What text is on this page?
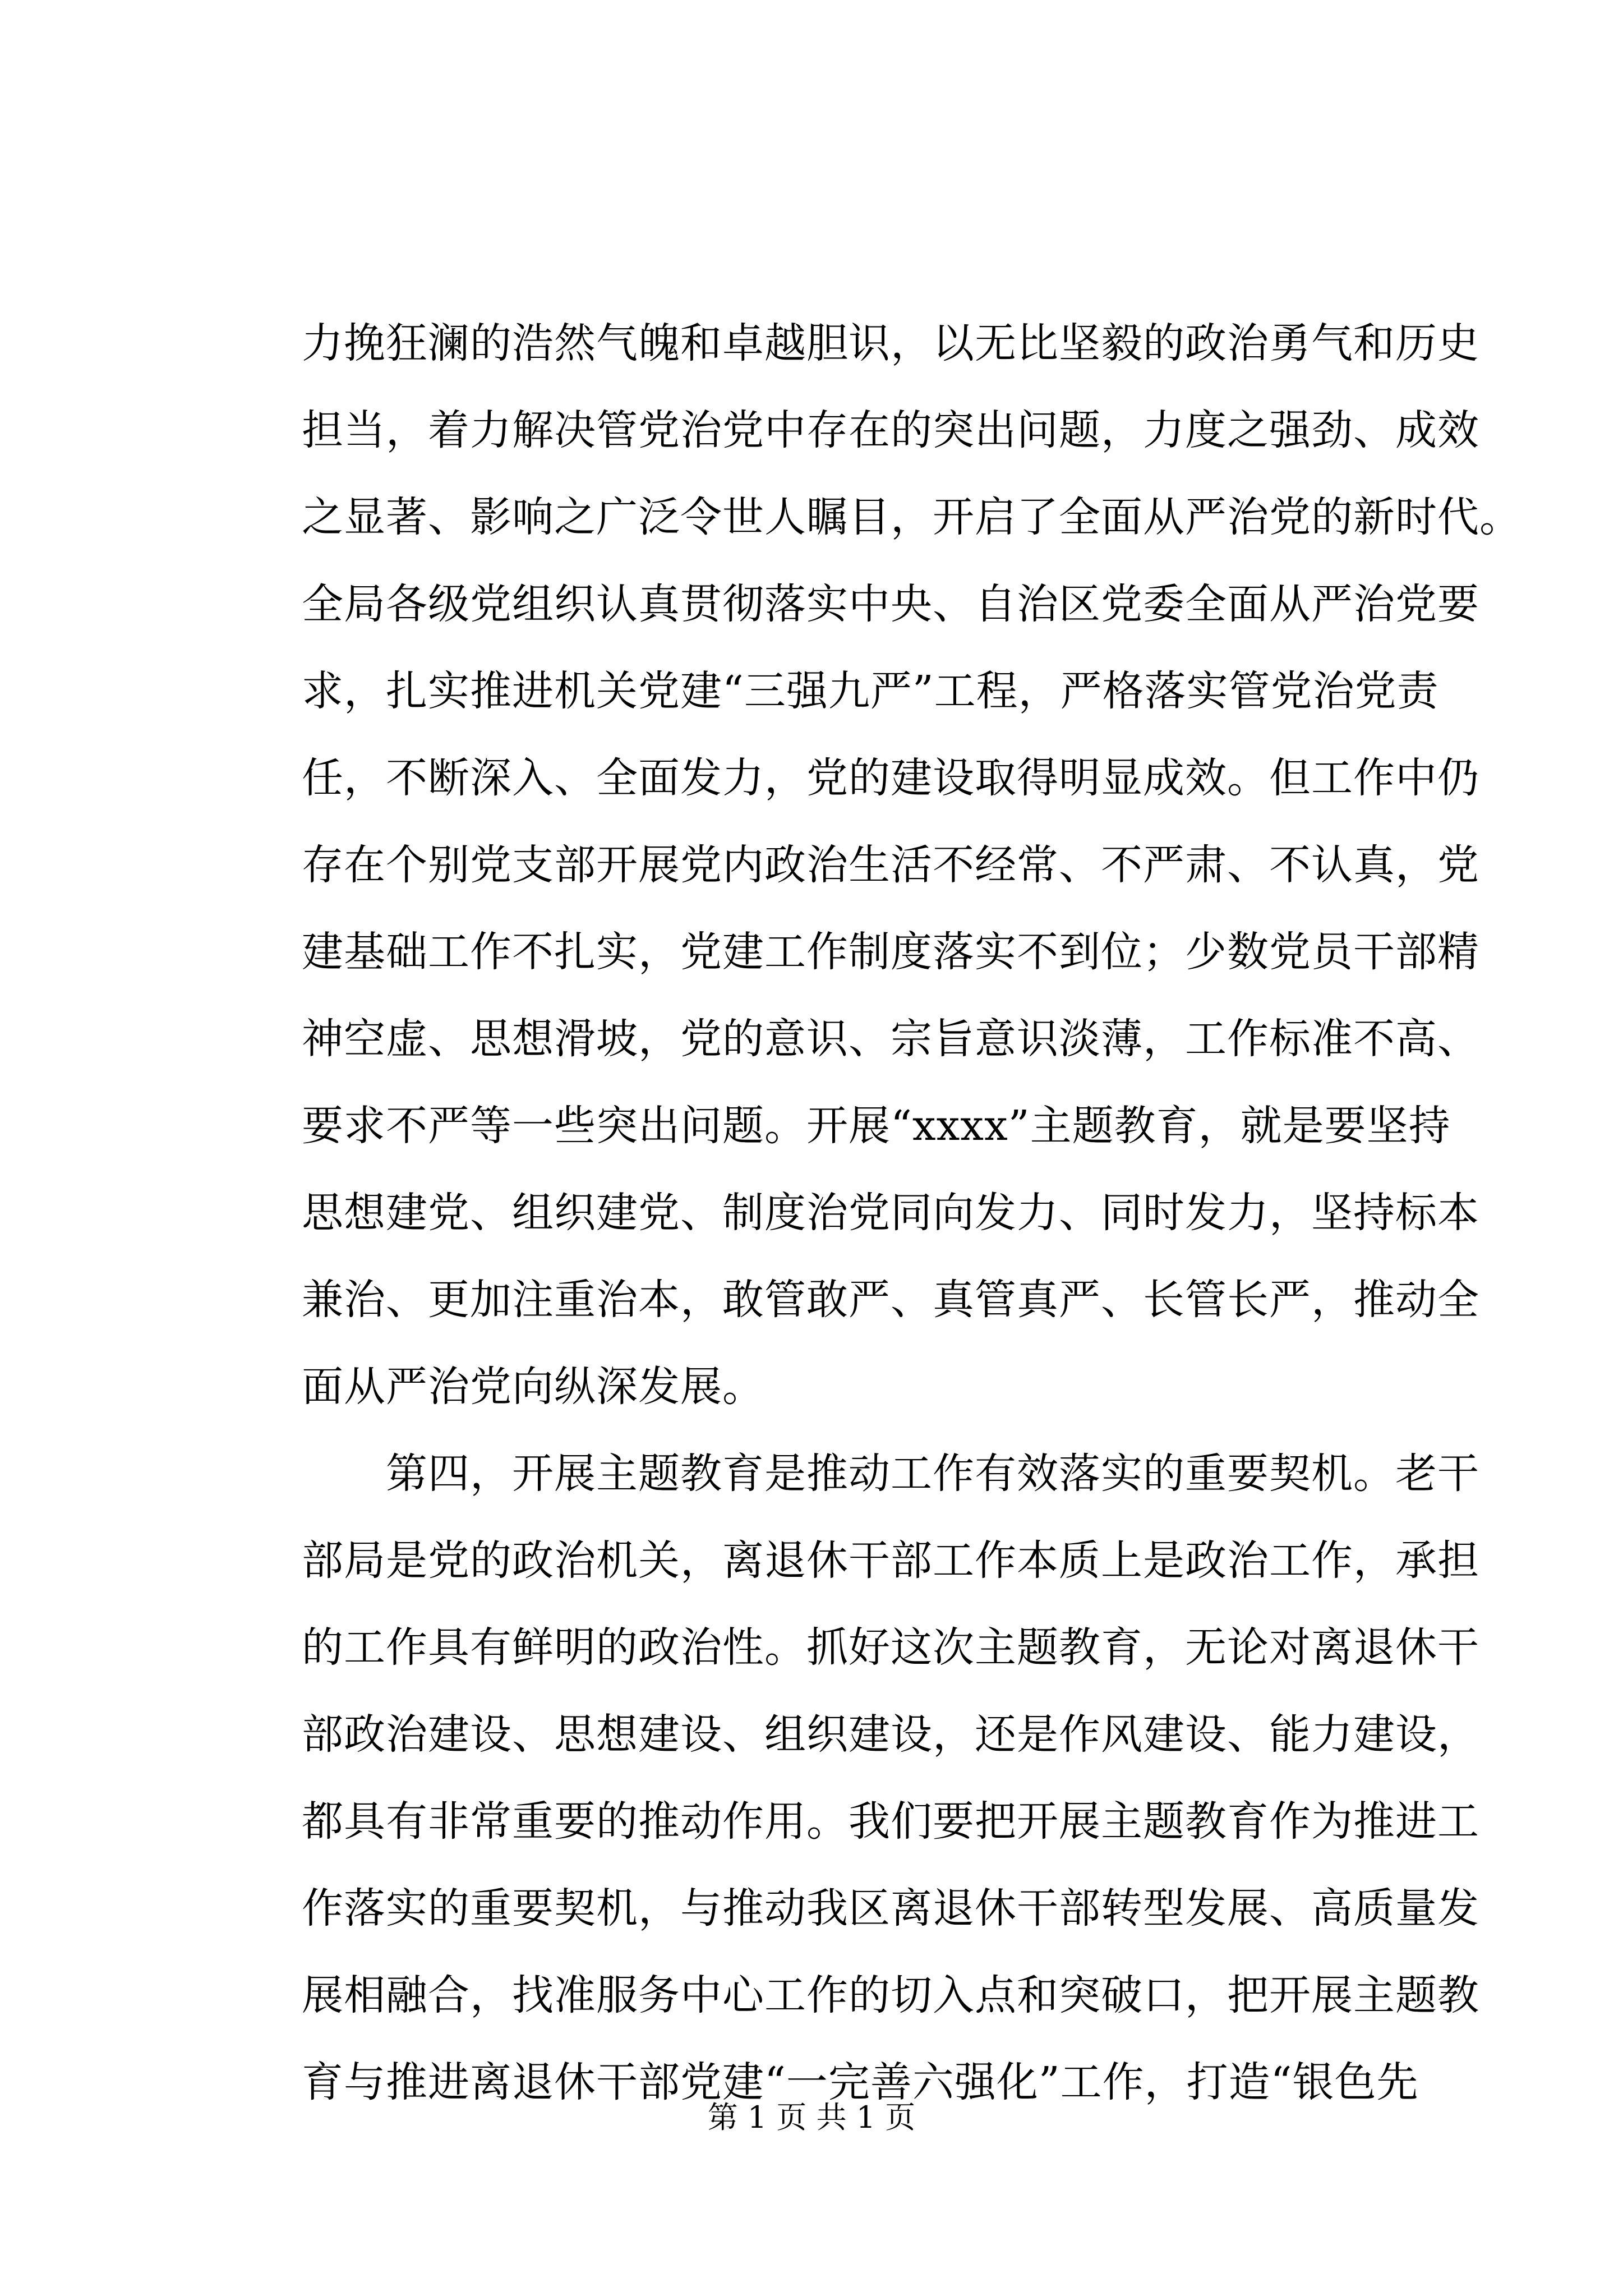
力挽狂澜的浩然气魄和卓越胆识，以无比坚毅的政治勇气和历史
担当，着力解决管党治党中存在的突出问题，力度之强劲、成效
之显著、影响之广泛令世人瞩目，开启了全面从严治党的新时代。
全局各级党组织认真贯彻落实中央、自治区党委全面从严治党要
求，扎实推进机关党建“三强九严”工程，严格落实管党治党责
任，不断深入、全面发力，党的建设取得明显成效。但工作中仍
存在个别党支部开展党内政治生活不经常、不严肃、不认真，党
建基础工作不扎实，党建工作制度落实不到位；少数党员干部精
神空虚、思想滑坡，党的意识、宗旨意识淡薄，工作标准不高、
要求不严等一些突出问题。开展“xxxx”主题教育，就是要坚持
思想建党、组织建党、制度治党同向发力、同时发力，坚持标本
兼治、更加注重治本，敢管敢严、真管真严、长管长严，推动全
面从严治党向纵深发展。
　　第四，开展主题教育是推动工作有效落实的重要契机。老干
部局是党的政治机关，离退休干部工作本质上是政治工作，承担
的工作具有鲜明的政治性。抓好这次主题教育，无论对离退休干
部政治建设、思想建设、组织建设，还是作风建设、能力建设，
都具有非常重要的推动作用。我们要把开展主题教育作为推进工
作落实的重要契机，与推动我区离退休干部转型发展、高质量发
展相融合，找准服务中心工作的切入点和突破口，把开展主题教
育与推进离退休干部党建“一完善六强化”工作，打造“银色先
第 1 页 共 1 页
